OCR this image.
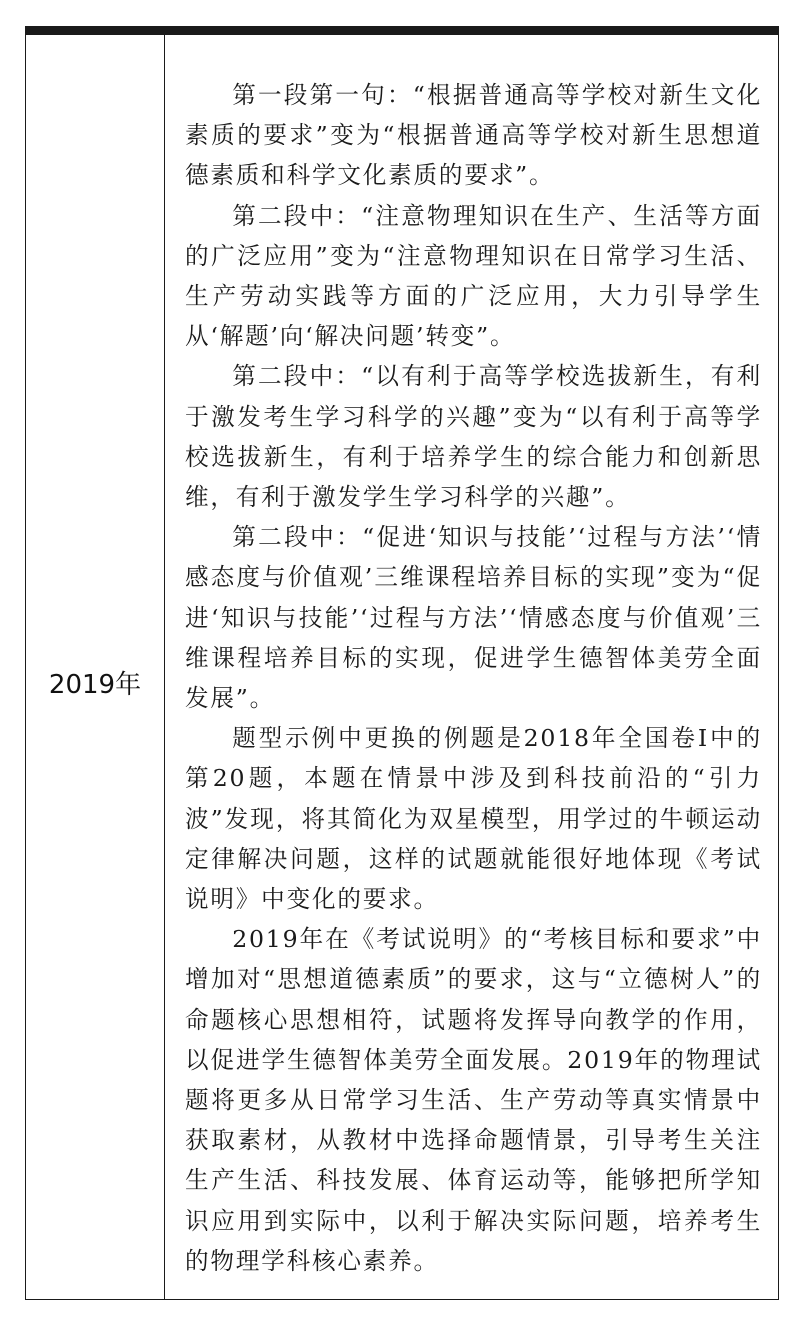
2019年

第一段第一句：“根据普通高等学校对新生文化素质的要求”变为“根据普通高等学校对新生思想道德素质和科学文化素质的要求”。

第二段中：“注意物理知识在生产、生活等方面的广泛应用”变为“注意物理知识在日常学习生活、生产劳动实践等方面的广泛应用，大力引导学生从‘解题’向‘解决问题’转变”。

第二段中：“以有利于高等学校选拔新生，有利于激发考生学习科学的兴趣”变为“以有利于高等学校选拔新生，有利于培养学生的综合能力和创新思维，有利于激发学生学习科学的兴趣”。

第二段中：“促进‘知识与技能’‘过程与方法’‘情感态度与价值观’三维课程培养目标的实现”变为“促进‘知识与技能’‘过程与方法’‘情感态度与价值观’三维课程培养目标的实现，促进学生德智体美劳全面发展”。

题型示例中更换的例题是2018年全国卷I中的第20题，本题在情景中涉及到科技前沿的“引力波”发现，将其简化为双星模型，用学过的牛顿运动定律解决问题，这样的试题就能很好地体现《考试说明》中变化的要求。

2019年在《考试说明》的“考核目标和要求”中增加对“思想道德素质”的要求，这与“立德树人”的命题核心思想相符，试题将发挥导向教学的作用，以促进学生德智体美劳全面发展。2019年的物理试题将更多从日常学习生活、生产劳动等真实情景中获取素材，从教材中选择命题情景，引导考生关注生产生活、科技发展、体育运动等，能够把所学知识应用到实际中，以利于解决实际问题，培养考生的物理学科核心素养。
